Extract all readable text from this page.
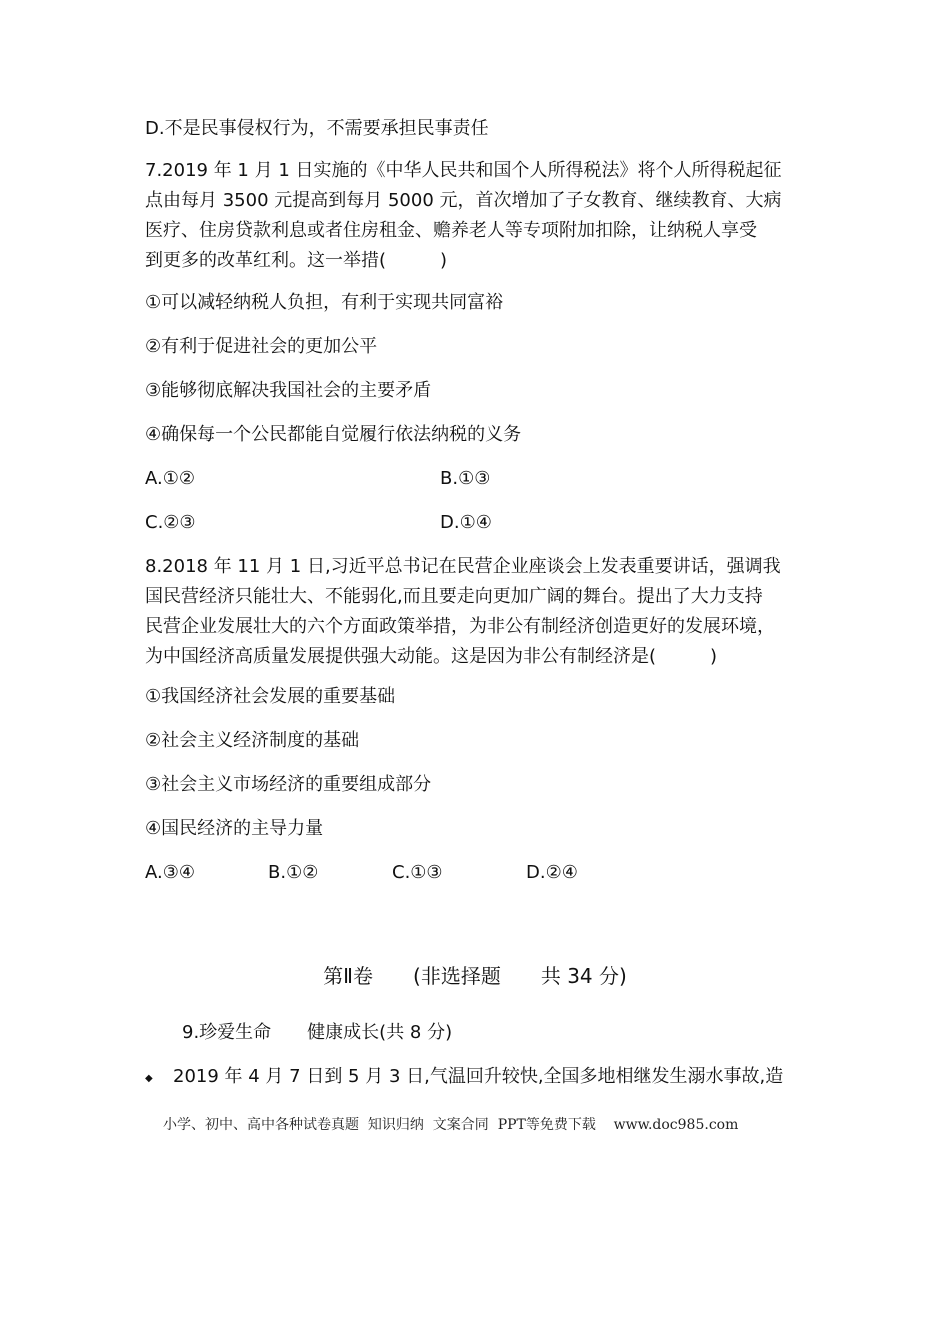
D.不是民事侵权行为，不需要承担民事责任
7.2019 年 1 月 1 日实施的《中华人民共和国个人所得税法》将个人所得税起征
点由每月 3500 元提高到每月 5000 元，首次增加了子女教育、继续教育、大病
医疗、住房贷款利息或者住房租金、赡养老人等专项附加扣除，让纳税人享受
到更多的改革红利。这一举措(　　　)
①可以减轻纳税人负担，有利于实现共同富裕
②有利于促进社会的更加公平
③能够彻底解决我国社会的主要矛盾
④确保每一个公民都能自觉履行依法纳税的义务
A.①②	B.①③
C.②③	D.①④
8.2018 年 11 月 1 日,习近平总书记在民营企业座谈会上发表重要讲话，强调我
国民营经济只能壮大、不能弱化,而且要走向更加广阔的舞台。提出了大力支持
民营企业发展壮大的六个方面政策举措，为非公有制经济创造更好的发展环境，
为中国经济高质量发展提供强大动能。这是因为非公有制经济是(　　　)
①我国经济社会发展的重要基础
②社会主义经济制度的基础
③社会主义市场经济的重要组成部分
④国民经济的主导力量
A.③④	B.①②	C.①③	D.②④
第Ⅱ卷　　(非选择题　　共 34 分)
9.珍爱生命　　健康成长(共 8 分)
◆ 2019 年 4 月 7 日到 5 月 3 日,气温回升较快,全国多地相继发生溺水事故,造
小学、初中、高中各种试卷真题  知识归纳  文案合同  PPT等免费下载    www.doc985.com
